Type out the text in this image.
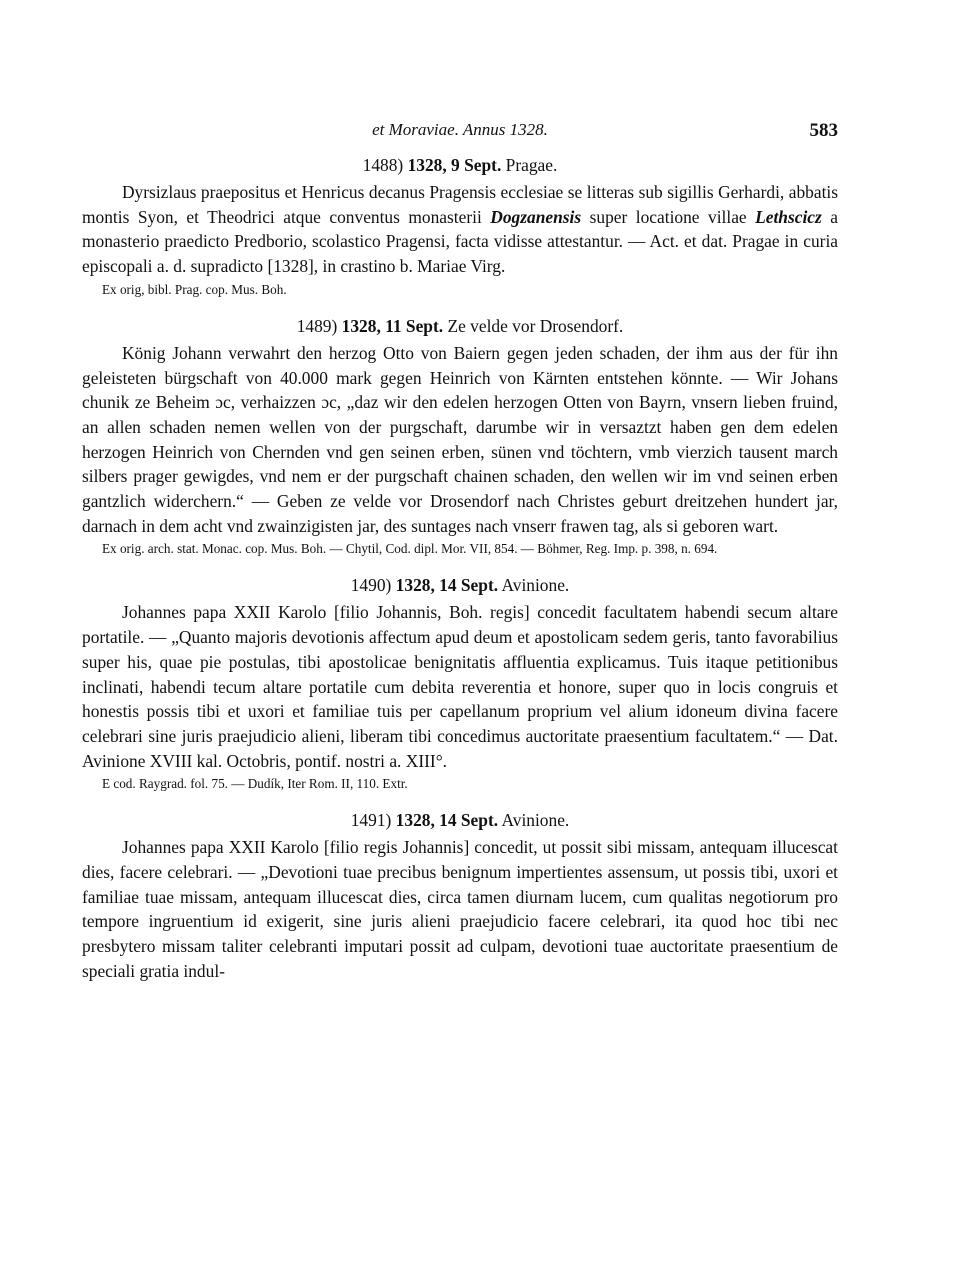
et Moraviae. Annus 1328.	583
1488) 1328, 9 Sept. Pragae.

Dyrsizlaus praepositus et Henricus decanus Pragensis ecclesiae se litteras sub sigillis Gerhardi, abbatis montis Syon, et Theodrici atque conventus monasterii Dogzanensis super locatione villae Lethscicz a monasterio praedicto Predborio, scolastico Pragensi, facta vidisse attestantur. — Act. et dat. Pragae in curia episcopali a. d. supradicto [1328], in crastino b. Mariae Virg.

Ex orig, bibl. Prag. cop. Mus. Boh.

1489) 1328, 11 Sept. Ze velde vor Drosendorf.

König Johann verwahrt den herzog Otto von Baiern gegen jeden schaden, der ihm aus der für ihn geleisteten bürgschaft von 40.000 mark gegen Heinrich von Kärnten entstehen könnte. — Wir Johans chunik ze Beheim ɔc, verhaizzen ɔc, „daz wir den edelen herzogen Otten von Bayrn, vnsern lieben fruind, an allen schaden nemen wellen von der purgschaft, darumbe wir in versaztzt haben gen dem edelen herzogen Heinrich von Chernden vnd gen seinen erben, sünen vnd töchtern, vmb vierzich tausent march silbers prager gewigdes, vnd nem er der purgschaft chainen schaden, den wellen wir im vnd seinen erben gantzlich widerchern.“ — Geben ze velde vor Drosendorf nach Christes geburt dreitzehen hundert jar, darnach in dem acht vnd zwainzigisten jar, des suntages nach vnserr frawen tag, als si geboren wart.

Ex orig. arch. stat. Monac. cop. Mus. Boh. — Chytil, Cod. dipl. Mor. VII, 854. — Böhmer, Reg. Imp. p. 398, n. 694.

1490) 1328, 14 Sept. Avinione.

Johannes papa XXII Karolo [filio Johannis, Boh. regis] concedit facultatem habendi secum altare portatile. — „Quanto majoris devotionis affectum apud deum et apostolicam sedem geris, tanto favorabilius super his, quae pie postulas, tibi apostolicae benignitatis affluentia explicamus. Tuis itaque petitionibus inclinati, habendi tecum altare portatile cum debita reverentia et honore, super quo in locis congruis et honestis possis tibi et uxori et familiae tuis per capellanum proprium vel alium idoneum divina facere celebrari sine juris praejudicio alieni, liberam tibi concedimus auctoritate praesentium facultatem.“ — Dat. Avinione XVIII kal. Octobris, pontif. nostri a. XIII°.

E cod. Raygrad. fol. 75. — Dudík, Iter Rom. II, 110. Extr.

1491) 1328, 14 Sept. Avinione.

Johannes papa XXII Karolo [filio regis Johannis] concedit, ut possit sibi missam, antequam illucescat dies, facere celebrari. — „Devotioni tuae precibus benignum impertientes assensum, ut possis tibi, uxori et familiae tuae missam, antequam illucescat dies, circa tamen diurnam lucem, cum qualitas negotiorum pro tempore ingruentium id exigerit, sine juris alieni praejudicio facere celebrari, ita quod hoc tibi nec presbytero missam taliter celebranti imputari possit ad culpam, devotioni tuae auctoritate praesentium de speciali gratia indul-
